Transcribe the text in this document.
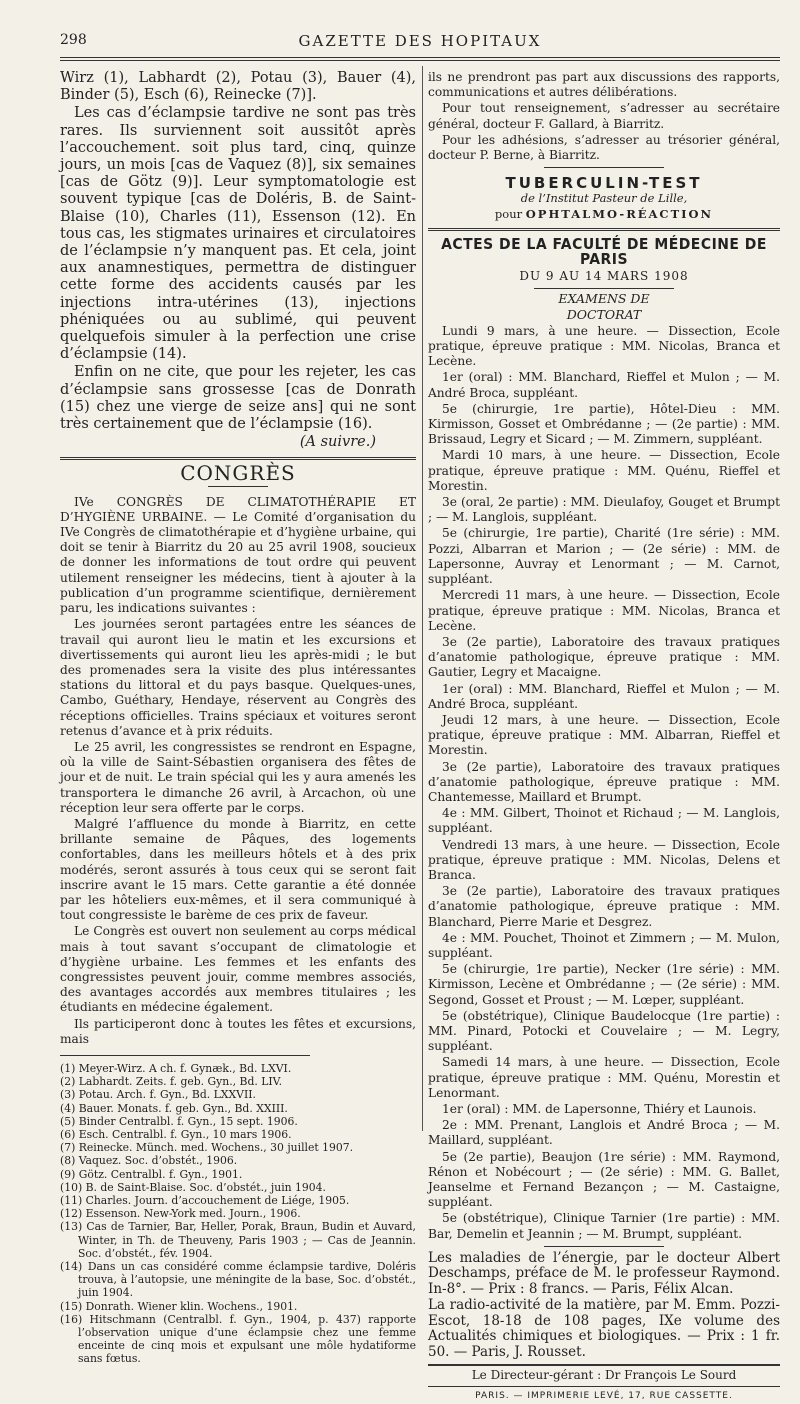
298	GAZETTE DES HOPITAUX

Wirz (1), Labhardt (2), Potau (3), Bauer (4), Binder (5), Esch (6), Reinecke (7)].

Les cas d’éclampsie tardive ne sont pas très rares. Ils surviennent soit aussitôt après l’accouchement. soit plus tard, cinq, quinze jours, un mois [cas de Vaquez (8)], six semaines [cas de Götz (9)]. Leur symptomatologie est souvent typique [cas de Doléris, B. de Saint-Blaise (10), Charles (11), Essenson (12). En tous cas, les stigmates urinaires et circulatoires de l’éclampsie n’y manquent pas. Et cela, joint aux anamnestiques, permettra de distinguer cette forme des accidents causés par les injections intra-utérines (13), injections phéniquées ou au sublimé, qui peuvent quelquefois simuler à la perfection une crise d’éclampsie (14).

Enfin on ne cite, que pour les rejeter, les cas d’éclampsie sans grossesse [cas de Donrath (15) chez une vierge de seize ans] qui ne sont très certainement que de l’éclampsie (16).

(A suivre.)
CONGRÈS

IVe CONGRÈS DE CLIMATOTHÉRAPIE ET D’HYGIÈNE URBAINE. — Le Comité d’organisation du IVe Congrès de climatothérapie et d’hygiène urbaine, qui doit se tenir à Biarritz du 20 au 25 avril 1908, soucieux de donner les informations de tout ordre qui peuvent utilement renseigner les médecins, tient à ajouter à la publication d’un programme scientifique, dernièrement paru, les indications suivantes :

Les journées seront partagées entre les séances de travail qui auront lieu le matin et les excursions et divertissements qui auront lieu les après-midi ; le but des promenades sera la visite des plus intéressantes stations du littoral et du pays basque. Quelques-unes, Cambo, Guéthary, Hendaye, réservent au Congrès des réceptions officielles. Trains spéciaux et voitures seront retenus d’avance et à prix réduits.

Le 25 avril, les congressistes se rendront en Espagne, où la ville de Saint-Sébastien organisera des fêtes de jour et de nuit. Le train spécial qui les y aura amenés les transportera le dimanche 26 avril, à Arcachon, où une réception leur sera offerte par le corps.

Malgré l’affluence du monde à Biarritz, en cette brillante semaine de Pâques, des logements confortables, dans les meilleurs hôtels et à des prix modérés, seront assurés à tous ceux qui se seront fait inscrire avant le 15 mars. Cette garantie a été donnée par les hôteliers eux-mêmes, et il sera communiqué à tout congressiste le barème de ces prix de faveur.

Le Congrès est ouvert non seulement au corps médical mais à tout savant s’occupant de climatologie et d’hygiène urbaine. Les femmes et les enfants des congressistes peuvent jouir, comme membres associés, des avantages accordés aux membres titulaires ; les étudiants en médecine également.

Ils participeront donc à toutes les fêtes et excursions, mais

(1) Meyer-Wirz. A ch. f. Gynæk., Bd. LXVI.
(2) Labhardt. Zeits. f. geb. Gyn., Bd. LIV.
(3) Potau. Arch. f. Gyn., Bd. LXXVII.
(4) Bauer. Monats. f. geb. Gyn., Bd. XXIII.
(5) Binder Centralbl. f. Gyn., 15 sept. 1906.
(6) Esch. Centralbl. f. Gyn., 10 mars 1906.
(7) Reinecke. Münch. med. Wochens., 30 juillet 1907.
(8) Vaquez. Soc. d’obstét., 1906.
(9) Götz. Centralbl. f. Gyn., 1901.
(10) B. de Saint-Blaise. Soc. d’obstét., juin 1904.
(11) Charles. Journ. d’accouchement de Liége, 1905.
(12) Essenson. New-York med. Journ., 1906.
(13) Cas de Tarnier, Bar, Heller, Porak, Braun, Budin et Auvard, Winter, in Th. de Theuveny, Paris 1903 ; — Cas de Jeannin. Soc. d’obstét., fév. 1904.
(14) Dans un cas considéré comme éclampsie tardive, Doléris trouva, à l’autopsie, une méningite de la base, Soc. d’obstét., juin 1904.
(15) Donrath. Wiener klin. Wochens., 1901.
(16) Hitschmann (Centralbl. f. Gyn., 1904, p. 437) rapporte l’observation unique d’une éclampsie chez une femme enceinte de cinq mois et expulsant une môle hydatiforme sans fœtus.

ils ne prendront pas part aux discussions des rapports, communications et autres délibérations.

Pour tout renseignement, s’adresser au secrétaire général, docteur F. Gallard, à Biarritz.

Pour les adhésions, s’adresser au trésorier général, docteur P. Berne, à Biarritz.

TUBERCULIN-TEST
de l’Institut Pasteur de Lille,
pour OPHTALMO-RÉACTION
ACTES DE LA FACULTÉ DE MÉDECINE DE PARIS
DU 9 AU 14 MARS 1908
EXAMENS DE DOCTORAT

Lundi 9 mars, à une heure. — Dissection, Ecole pratique, épreuve pratique : MM. Nicolas, Branca et Lecène.

1er (oral) : MM. Blanchard, Rieffel et Mulon ; — M. André Broca, suppléant.

5e (chirurgie, 1re partie), Hôtel-Dieu : MM. Kirmisson, Gosset et Ombrédanne ; — (2e partie) : MM. Brissaud, Legry et Sicard ; — M. Zimmern, suppléant.

Mardi 10 mars, à une heure. — Dissection, Ecole pratique, épreuve pratique : MM. Quénu, Rieffel et Morestin.

3e (oral, 2e partie) : MM. Dieulafoy, Gouget et Brumpt ; — M. Langlois, suppléant.

5e (chirurgie, 1re partie), Charité (1re série) : MM. Pozzi, Albarran et Marion ; — (2e série) : MM. de Lapersonne, Auvray et Lenormant ; — M. Carnot, suppléant.

Mercredi 11 mars, à une heure. — Dissection, Ecole pratique, épreuve pratique : MM. Nicolas, Branca et Lecène.

3e (2e partie), Laboratoire des travaux pratiques d’anatomie pathologique, épreuve pratique : MM. Gautier, Legry et Macaigne.

1er (oral) : MM. Blanchard, Rieffel et Mulon ; — M. André Broca, suppléant.

Jeudi 12 mars, à une heure. — Dissection, Ecole pratique, épreuve pratique : MM. Albarran, Rieffel et Morestin.

3e (2e partie), Laboratoire des travaux pratiques d’anatomie pathologique, épreuve pratique : MM. Chantemesse, Maillard et Brumpt.

4e : MM. Gilbert, Thoinot et Richaud ; — M. Langlois, suppléant.

Vendredi 13 mars, à une heure. — Dissection, Ecole pratique, épreuve pratique : MM. Nicolas, Delens et Branca.

3e (2e partie), Laboratoire des travaux pratiques d’anatomie pathologique, épreuve pratique : MM. Blanchard, Pierre Marie et Desgrez.

4e : MM. Pouchet, Thoinot et Zimmern ; — M. Mulon, suppléant.

5e (chirurgie, 1re partie), Necker (1re série) : MM. Kirmisson, Lecène et Ombrédanne ; — (2e série) : MM. Segond, Gosset et Proust ; — M. Lœper, suppléant.

5e (obstétrique), Clinique Baudelocque (1re partie) : MM. Pinard, Potocki et Couvelaire ; — M. Legry, suppléant.

Samedi 14 mars, à une heure. — Dissection, Ecole pratique, épreuve pratique : MM. Quénu, Morestin et Lenormant.

1er (oral) : MM. de Lapersonne, Thiéry et Launois.

2e : MM. Prenant, Langlois et André Broca ; — M. Maillard, suppléant.

5e (2e partie), Beaujon (1re série) : MM. Raymond, Rénon et Nobécourt ; — (2e série) : MM. G. Ballet, Jeanselme et Fernand Bezançon ; — M. Castaigne, suppléant.

5e (obstétrique), Clinique Tarnier (1re partie) : MM. Bar, Demelin et Jeannin ; — M. Brumpt, suppléant.

Les maladies de l’énergie, par le docteur Albert Deschamps, préface de M. le professeur Raymond. In-8°. — Prix : 8 francs. — Paris, Félix Alcan.

La radio-activité de la matière, par M. Emm. Pozzi-Escot, 18-18 de 108 pages, IXe volume des Actualités chimiques et biologiques. — Prix : 1 fr. 50. — Paris, J. Rousset.

Le Directeur-gérant : Dr François Le Sourd
PARIS. — IMPRIMERIE LEVÉ, 17, RUE CASSETTE.
